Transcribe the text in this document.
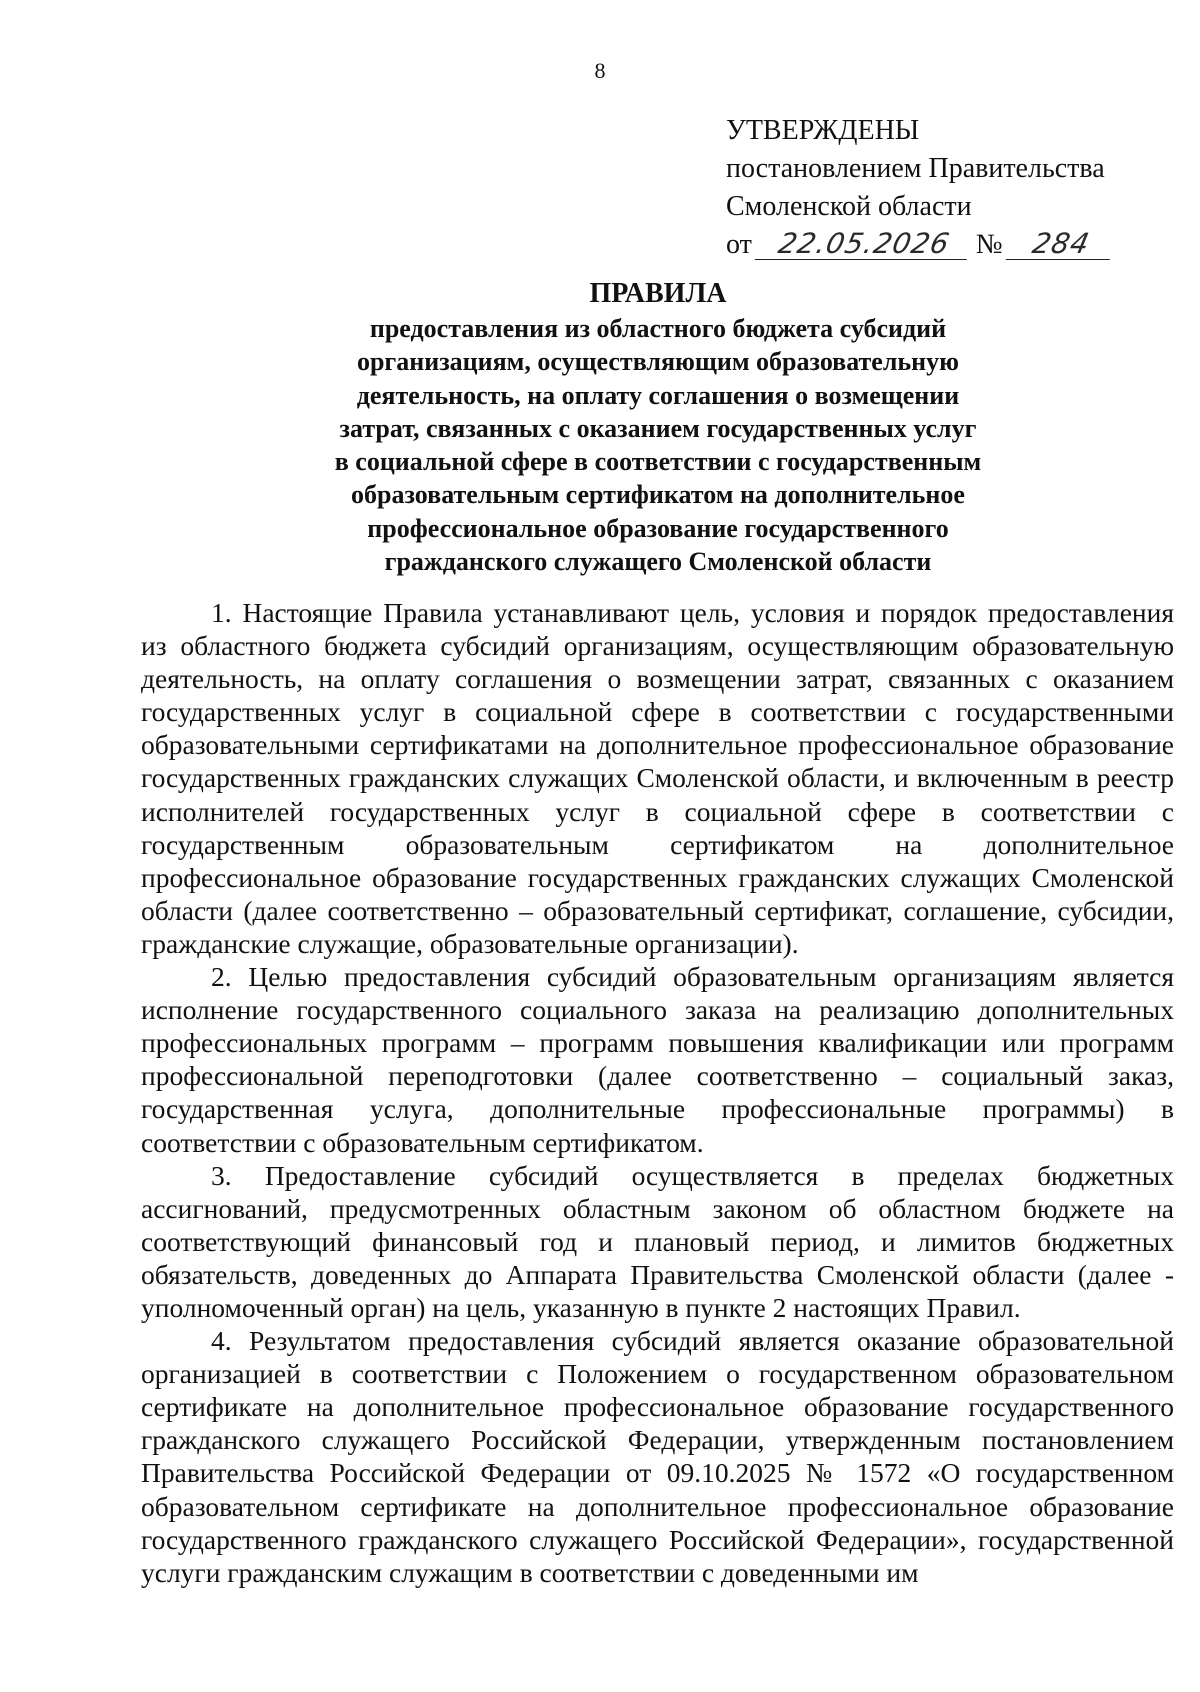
8
УТВЕРЖДЕНЫ
постановлением Правительства
Смоленской области
от 22.05.2026 № 284
ПРАВИЛА
предоставления из областного бюджета субсидий
организациям, осуществляющим образовательную
деятельность, на оплату соглашения о возмещении
затрат, связанных с оказанием государственных услуг
в социальной сфере в соответствии с государственным
образовательным сертификатом на дополнительное
профессиональное образование государственного
гражданского служащего Смоленской области

1. Настоящие Правила устанавливают цель, условия и порядок предоставления из областного бюджета субсидий организациям, осуществляющим образовательную деятельность, на оплату соглашения о возмещении затрат, связанных с оказанием государственных услуг в социальной сфере в соответствии с государственными образовательными сертификатами на дополнительное профессиональное образование государственных гражданских служащих Смоленской области, и включенным в реестр исполнителей государственных услуг в социальной сфере в соответствии с государственным образовательным сертификатом на дополнительное профессиональное образование государственных гражданских служащих Смоленской области (далее соответственно – образовательный сертификат, соглашение, субсидии, гражданские служащие, образовательные организации).

2. Целью предоставления субсидий образовательным организациям является исполнение государственного социального заказа на реализацию дополнительных профессиональных программ – программ повышения квалификации или программ профессиональной переподготовки (далее соответственно – социальный заказ, государственная услуга, дополнительные профессиональные программы) в соответствии с образовательным сертификатом.

3. Предоставление субсидий осуществляется в пределах бюджетных ассигнований, предусмотренных областным законом об областном бюджете на соответствующий финансовый год и плановый период, и лимитов бюджетных обязательств, доведенных до Аппарата Правительства Смоленской области (далее - уполномоченный орган) на цель, указанную в пункте 2 настоящих Правил.

4. Результатом предоставления субсидий является оказание образовательной организацией в соответствии с Положением о государственном образовательном сертификате на дополнительное профессиональное образование государственного гражданского служащего Российской Федерации, утвержденным постановлением Правительства Российской Федерации от 09.10.2025 № 1572 «О государственном образовательном сертификате на дополнительное профессиональное образование государственного гражданского служащего Российской Федерации», государственной услуги гражданским служащим в соответствии с доведенными им
